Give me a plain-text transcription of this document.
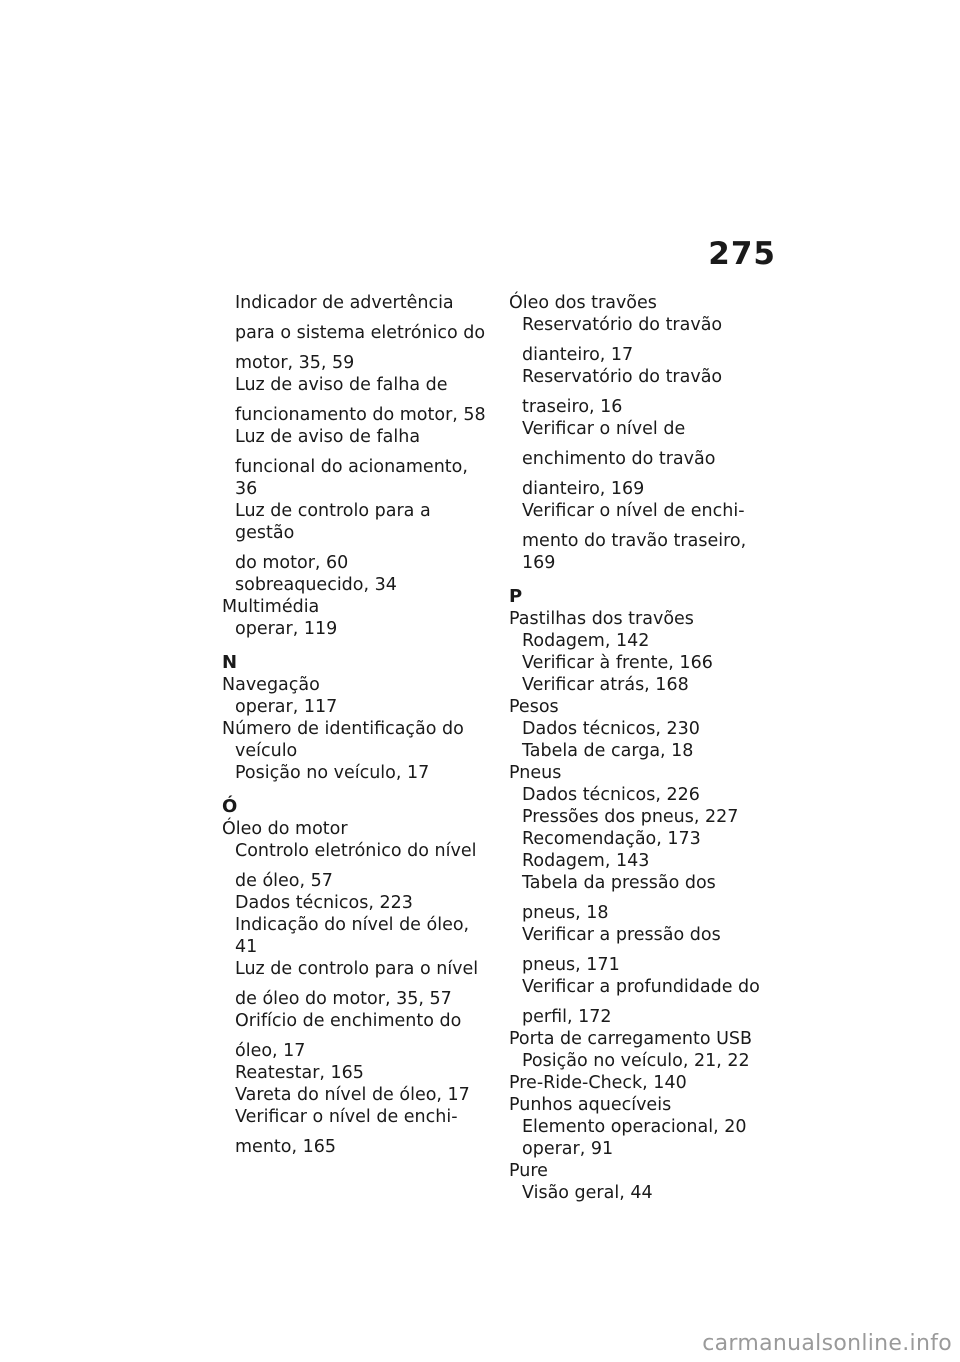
275
Indicador de advertência
para o sistema eletrónico do
motor, 35, 59
Luz de aviso de falha de
funcionamento do motor, 58
Luz de aviso de falha
funcional do acionamento, 36
Luz de controlo para a gestão
do motor, 60
sobreaquecido, 34
Multimédia
operar, 119
N
Navegação
operar, 117
Número de identificação do
veículo
Posição no veículo, 17
Ó
Óleo do motor
Controlo eletrónico do nível
de óleo, 57
Dados técnicos, 223
Indicação do nível de óleo, 41
Luz de controlo para o nível
de óleo do motor, 35, 57
Orifício de enchimento do
óleo, 17
Reatestar, 165
Vareta do nível de óleo, 17
Verificar o nível de enchi-
mento, 165
Óleo dos travões
Reservatório do travão
dianteiro, 17
Reservatório do travão
traseiro, 16
Verificar o nível de
enchimento do travão
dianteiro, 169
Verificar o nível de enchi-
mento do travão traseiro, 169
P
Pastilhas dos travões
Rodagem, 142
Verificar à frente, 166
Verificar atrás, 168
Pesos
Dados técnicos, 230
Tabela de carga, 18
Pneus
Dados técnicos, 226
Pressões dos pneus, 227
Recomendação, 173
Rodagem, 143
Tabela da pressão dos
pneus, 18
Verificar a pressão dos
pneus, 171
Verificar a profundidade do
perfil, 172
Porta de carregamento USB
Posição no veículo, 21, 22
Pre-Ride-Check, 140
Punhos aquecíveis
Elemento operacional, 20
operar, 91
Pure
Visão geral, 44
carmanualsonline.info
